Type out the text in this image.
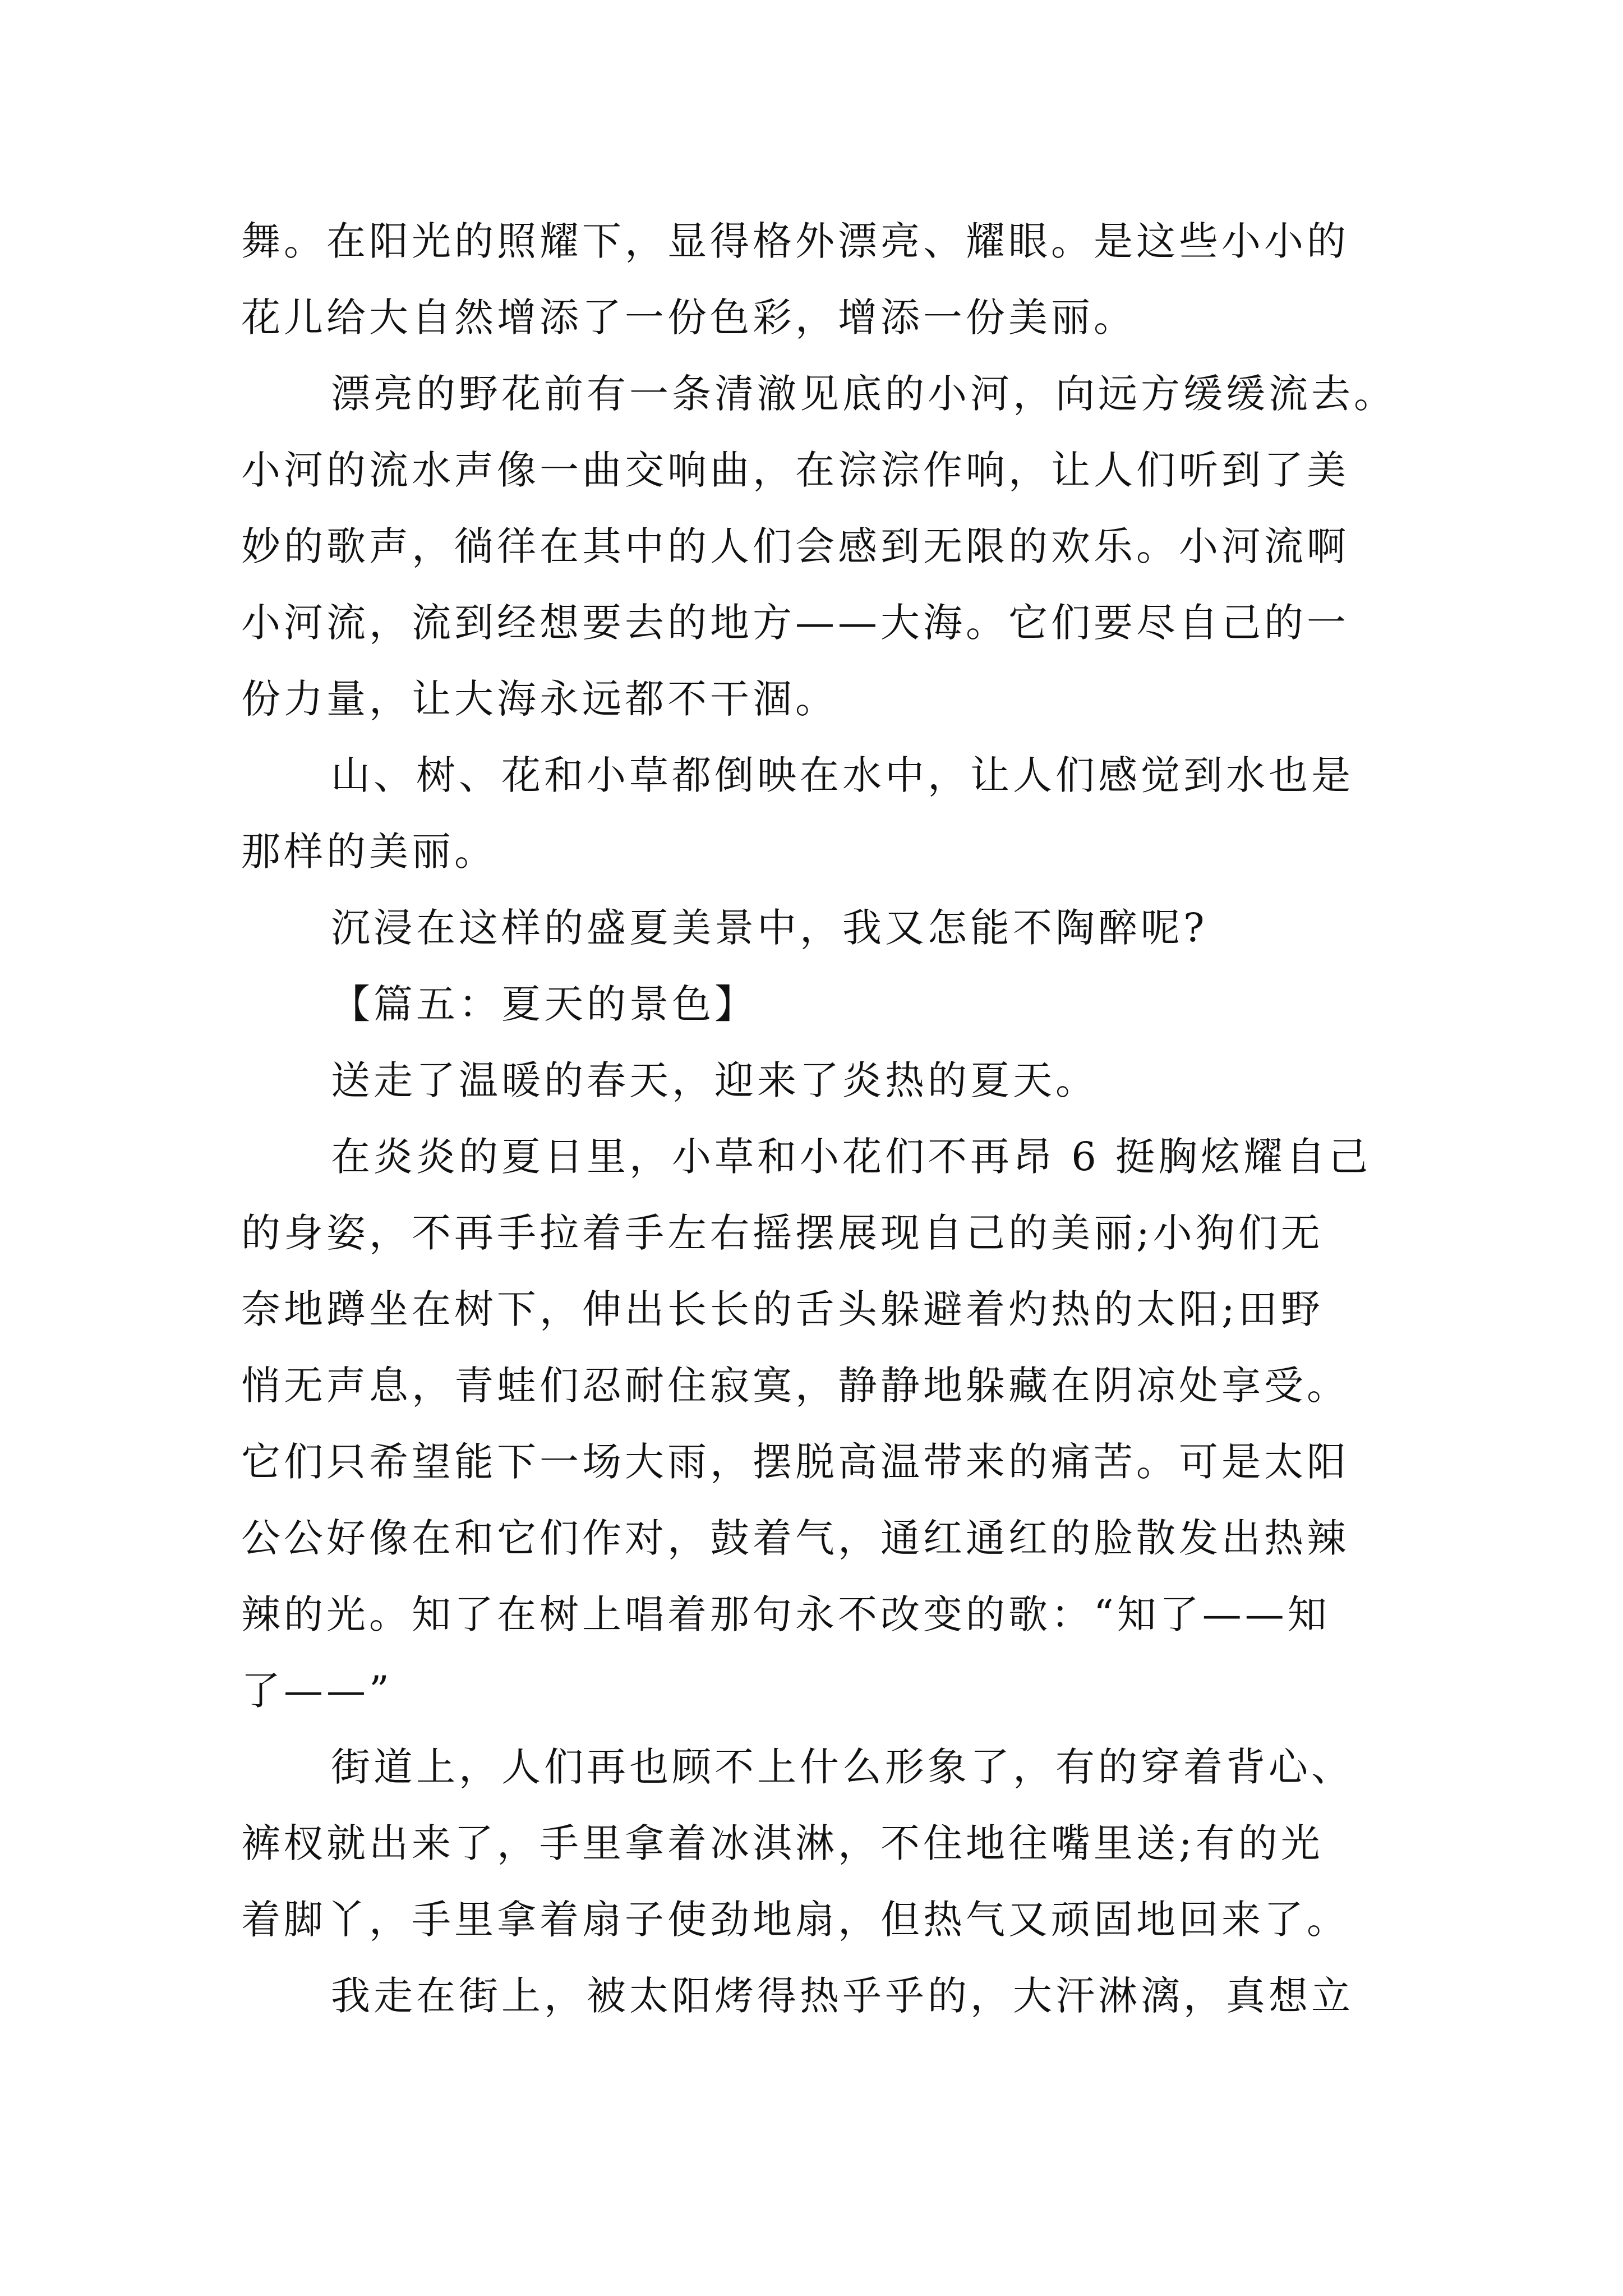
舞。在阳光的照耀下，显得格外漂亮、耀眼。是这些小小的
花儿给大自然增添了一份色彩，增添一份美丽。
漂亮的野花前有一条清澈见底的小河，向远方缓缓流去。
小河的流水声像一曲交响曲，在淙淙作响，让人们听到了美
妙的歌声，徜徉在其中的人们会感到无限的欢乐。小河流啊
小河流，流到经想要去的地方——大海。它们要尽自己的一
份力量，让大海永远都不干涸。
山、树、花和小草都倒映在水中，让人们感觉到水也是
那样的美丽。
沉浸在这样的盛夏美景中，我又怎能不陶醉呢?
【篇五：夏天的景色】
送走了温暖的春天，迎来了炎热的夏天。
在炎炎的夏日里，小草和小花们不再昂 6 挺胸炫耀自己
的身姿，不再手拉着手左右摇摆展现自己的美丽;小狗们无
奈地蹲坐在树下，伸出长长的舌头躲避着灼热的太阳;田野
悄无声息，青蛙们忍耐住寂寞，静静地躲藏在阴凉处享受。
它们只希望能下一场大雨，摆脱高温带来的痛苦。可是太阳
公公好像在和它们作对，鼓着气，通红通红的脸散发出热辣
辣的光。知了在树上唱着那句永不改变的歌：“知了——知
了——”
街道上，人们再也顾不上什么形象了，有的穿着背心、
裤杈就出来了，手里拿着冰淇淋，不住地往嘴里送;有的光
着脚丫，手里拿着扇子使劲地扇，但热气又顽固地回来了。
我走在街上，被太阳烤得热乎乎的，大汗淋漓，真想立
